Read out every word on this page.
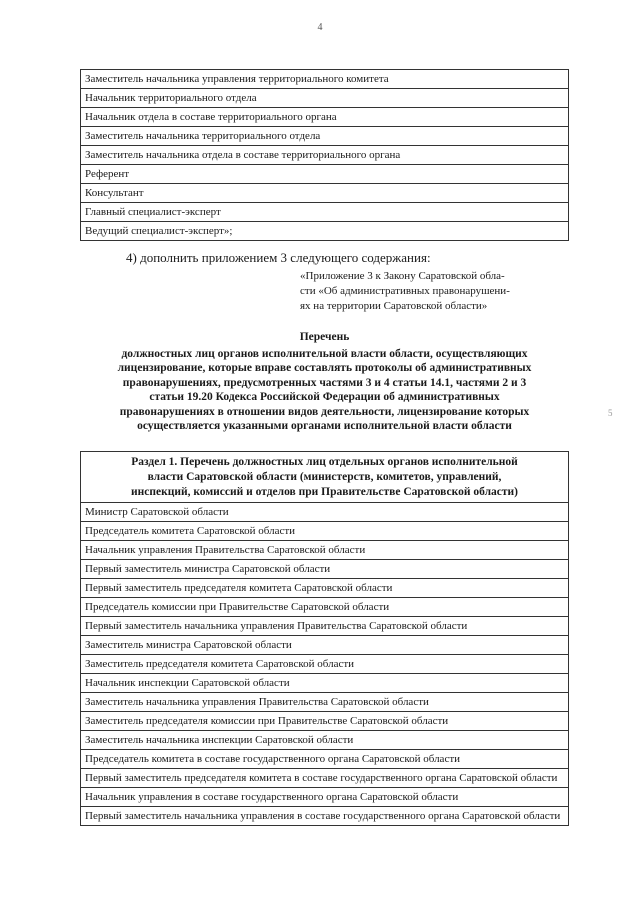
4
Заместитель начальника управления территориального комитета
Начальник территориального отдела
Начальник отдела в составе территориального органа
Заместитель начальника территориального отдела
Заместитель начальника отдела в составе территориального органа
Референт
Консультант
Главный специалист-эксперт
Ведущий специалист-эксперт»;
4) дополнить приложением 3 следующего содержания:
«Приложение 3 к Закону Саратовской обла-
сти «Об административных правонарушени-
ях на территории Саратовской области»
Перечень
должностных лиц органов исполнительной власти области, осуществляющих
лицензирование, которые вправе составлять протоколы об административных
правонарушениях, предусмотренных частями 3 и 4 статьи 14.1, частями 2 и 3
статьи 19.20 Кодекса Российской Федерации об административных
правонарушениях в отношении видов деятельности, лицензирование которых
осуществляется указанными органами исполнительной власти области
Раздел 1. Перечень должностных лиц отдельных органов исполнительной
власти Саратовской области (министерств, комитетов, управлений,
инспекций, комиссий и отделов при Правительстве Саратовской области)

Министр Саратовской области
Председатель комитета Саратовской области
Начальник управления Правительства Саратовской области
Первый заместитель министра Саратовской области
Первый заместитель председателя комитета Саратовской области
Председатель комиссии при Правительстве Саратовской области
Первый заместитель начальника управления Правительства Саратовской области
Заместитель министра Саратовской области
Заместитель председателя комитета Саратовской области
Начальник инспекции Саратовской области
Заместитель начальника управления Правительства Саратовской области
Заместитель председателя комиссии при Правительстве Саратовской области
Заместитель начальника инспекции Саратовской области
Председатель комитета в составе государственного органа Саратовской области
Первый заместитель председателя комитета в составе государственного органа Саратовской области
Начальник управления в составе государственного органа Саратовской области
Первый заместитель начальника управления в составе государственного органа Саратовской области
5
